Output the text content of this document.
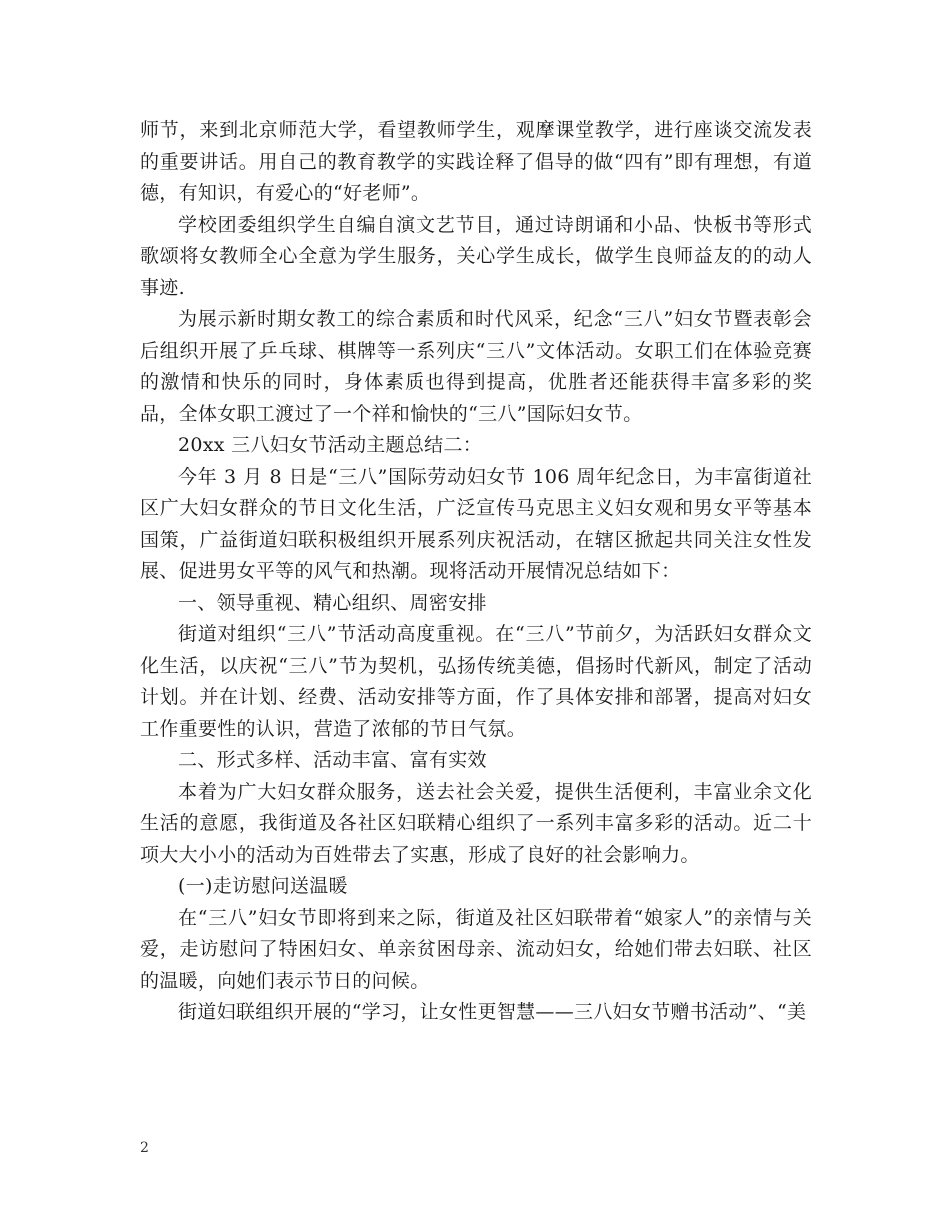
师节，来到北京师范大学，看望教师学生，观摩课堂教学，进行座谈交流发表的重要讲话。用自己的教育教学的实践诠释了倡导的做“四有”即有理想，有道德，有知识，有爱心的“好老师”。

学校团委组织学生自编自演文艺节目，通过诗朗诵和小品、快板书等形式歌颂将女教师全心全意为学生服务，关心学生成长，做学生良师益友的的动人事迹.

为展示新时期女教工的综合素质和时代风采，纪念“三八”妇女节暨表彰会后组织开展了乒乓球、棋牌等一系列庆“三八”文体活动。女职工们在体验竞赛的激情和快乐的同时，身体素质也得到提高，优胜者还能获得丰富多彩的奖品，全体女职工渡过了一个祥和愉快的“三八”国际妇女节。

20xx 三八妇女节活动主题总结二：

今年 3 月 8 日是“三八”国际劳动妇女节 106 周年纪念日，为丰富街道社区广大妇女群众的节日文化生活，广泛宣传马克思主义妇女观和男女平等基本国策，广益街道妇联积极组织开展系列庆祝活动，在辖区掀起共同关注女性发展、促进男女平等的风气和热潮。现将活动开展情况总结如下：

一、领导重视、精心组织、周密安排

街道对组织“三八”节活动高度重视。在“三八”节前夕，为活跃妇女群众文化生活，以庆祝“三八”节为契机，弘扬传统美德，倡扬时代新风，制定了活动计划。并在计划、经费、活动安排等方面，作了具体安排和部署，提高对妇女工作重要性的认识，营造了浓郁的节日气氛。

二、形式多样、活动丰富、富有实效

本着为广大妇女群众服务，送去社会关爱，提供生活便利，丰富业余文化生活的意愿，我街道及各社区妇联精心组织了一系列丰富多彩的活动。近二十项大大小小的活动为百姓带去了实惠，形成了良好的社会影响力。

(一)走访慰问送温暖

在“三八”妇女节即将到来之际，街道及社区妇联带着“娘家人”的亲情与关爱，走访慰问了特困妇女、单亲贫困母亲、流动妇女，给她们带去妇联、社区的温暖，向她们表示节日的问候。

街道妇联组织开展的“学习，让女性更智慧——三八妇女节赠书活动”、“美

2
